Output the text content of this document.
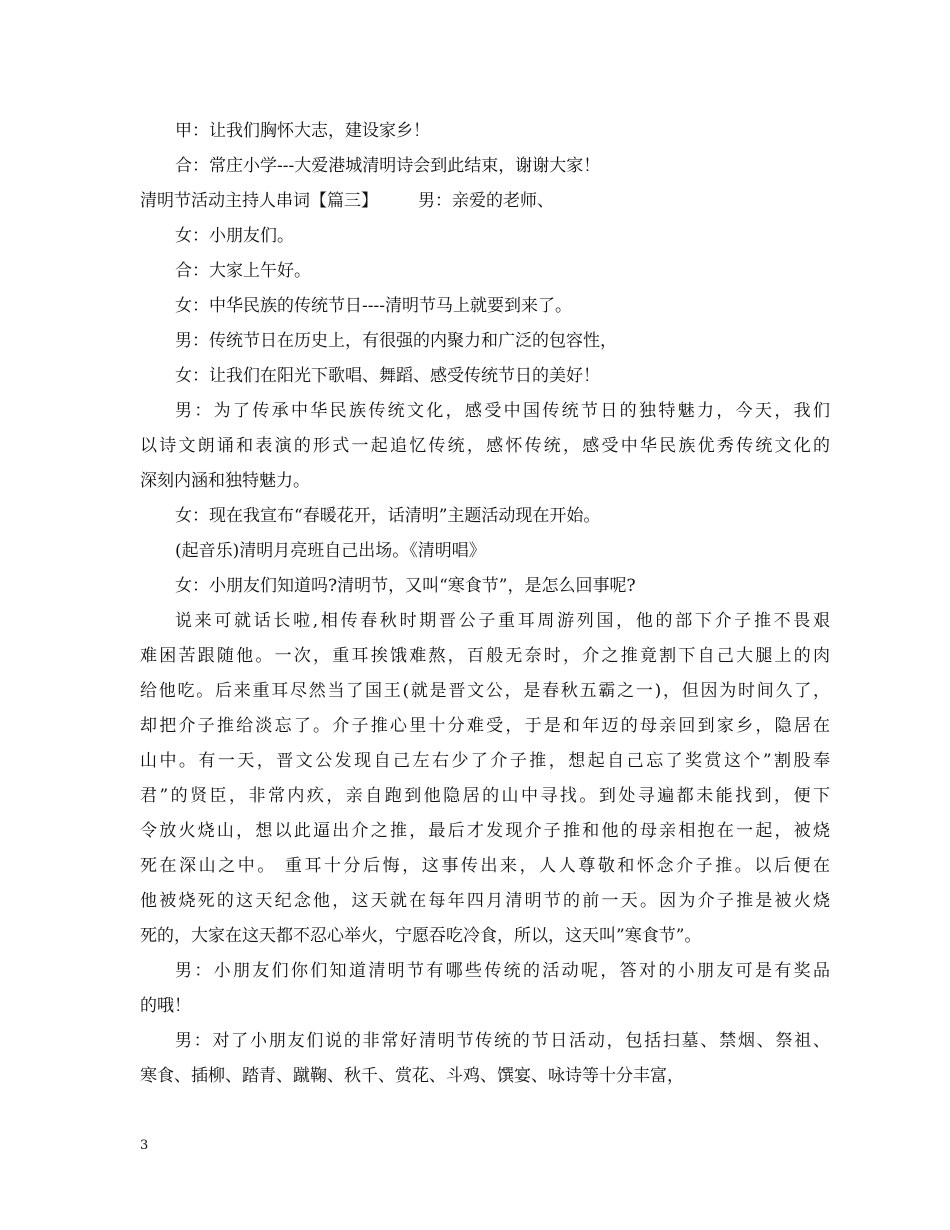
甲：让我们胸怀大志，建设家乡！
合：常庄小学---大爱港城清明诗会到此结束，谢谢大家！
清明节活动主持人串词【篇三】 男：亲爱的老师、
女：小朋友们。
合：大家上午好。
女：中华民族的传统节日----清明节马上就要到来了。
男：传统节日在历史上，有很强的内聚力和广泛的包容性，
女：让我们在阳光下歌唱、舞蹈、感受传统节日的美好！
男：为了传承中华民族传统文化，感受中国传统节日的独特魅力，今天，我们
以诗文朗诵和表演的形式一起追忆传统，感怀传统，感受中华民族优秀传统文化的
深刻内涵和独特魅力。
女：现在我宣布“春暖花开，话清明”主题活动现在开始。
(起音乐)清明月亮班自己出场。《清明唱》
女：小朋友们知道吗?清明节，又叫“寒食节”，是怎么回事呢?
说来可就话长啦,相传春秋时期晋公子重耳周游列国，他的部下介子推不畏艰
难困苦跟随他。一次，重耳挨饿难熬，百般无奈时，介之推竟割下自己大腿上的肉
给他吃。后来重耳尽然当了国王(就是晋文公，是春秋五霸之一)，但因为时间久了，
却把介子推给淡忘了。介子推心里十分难受，于是和年迈的母亲回到家乡，隐居在
山中。有一天，晋文公发现自己左右少了介子推，想起自己忘了奖赏这个”割股奉
君”的贤臣，非常内疚，亲自跑到他隐居的山中寻找。到处寻遍都未能找到，便下
令放火烧山，想以此逼出介之推，最后才发现介子推和他的母亲相抱在一起，被烧
死在深山之中。 重耳十分后悔，这事传出来，人人尊敬和怀念介子推。以后便在
他被烧死的这天纪念他，这天就在每年四月清明节的前一天。因为介子推是被火烧
死的，大家在这天都不忍心举火，宁愿吞吃冷食，所以，这天叫”寒食节”。
男：小朋友们你们知道清明节有哪些传统的活动呢，答对的小朋友可是有奖品
的哦！
男：对了小朋友们说的非常好清明节传统的节日活动，包括扫墓、禁烟、祭祖、
寒食、插柳、踏青、蹴鞠、秋千、赏花、斗鸡、馔宴、咏诗等十分丰富，
3
